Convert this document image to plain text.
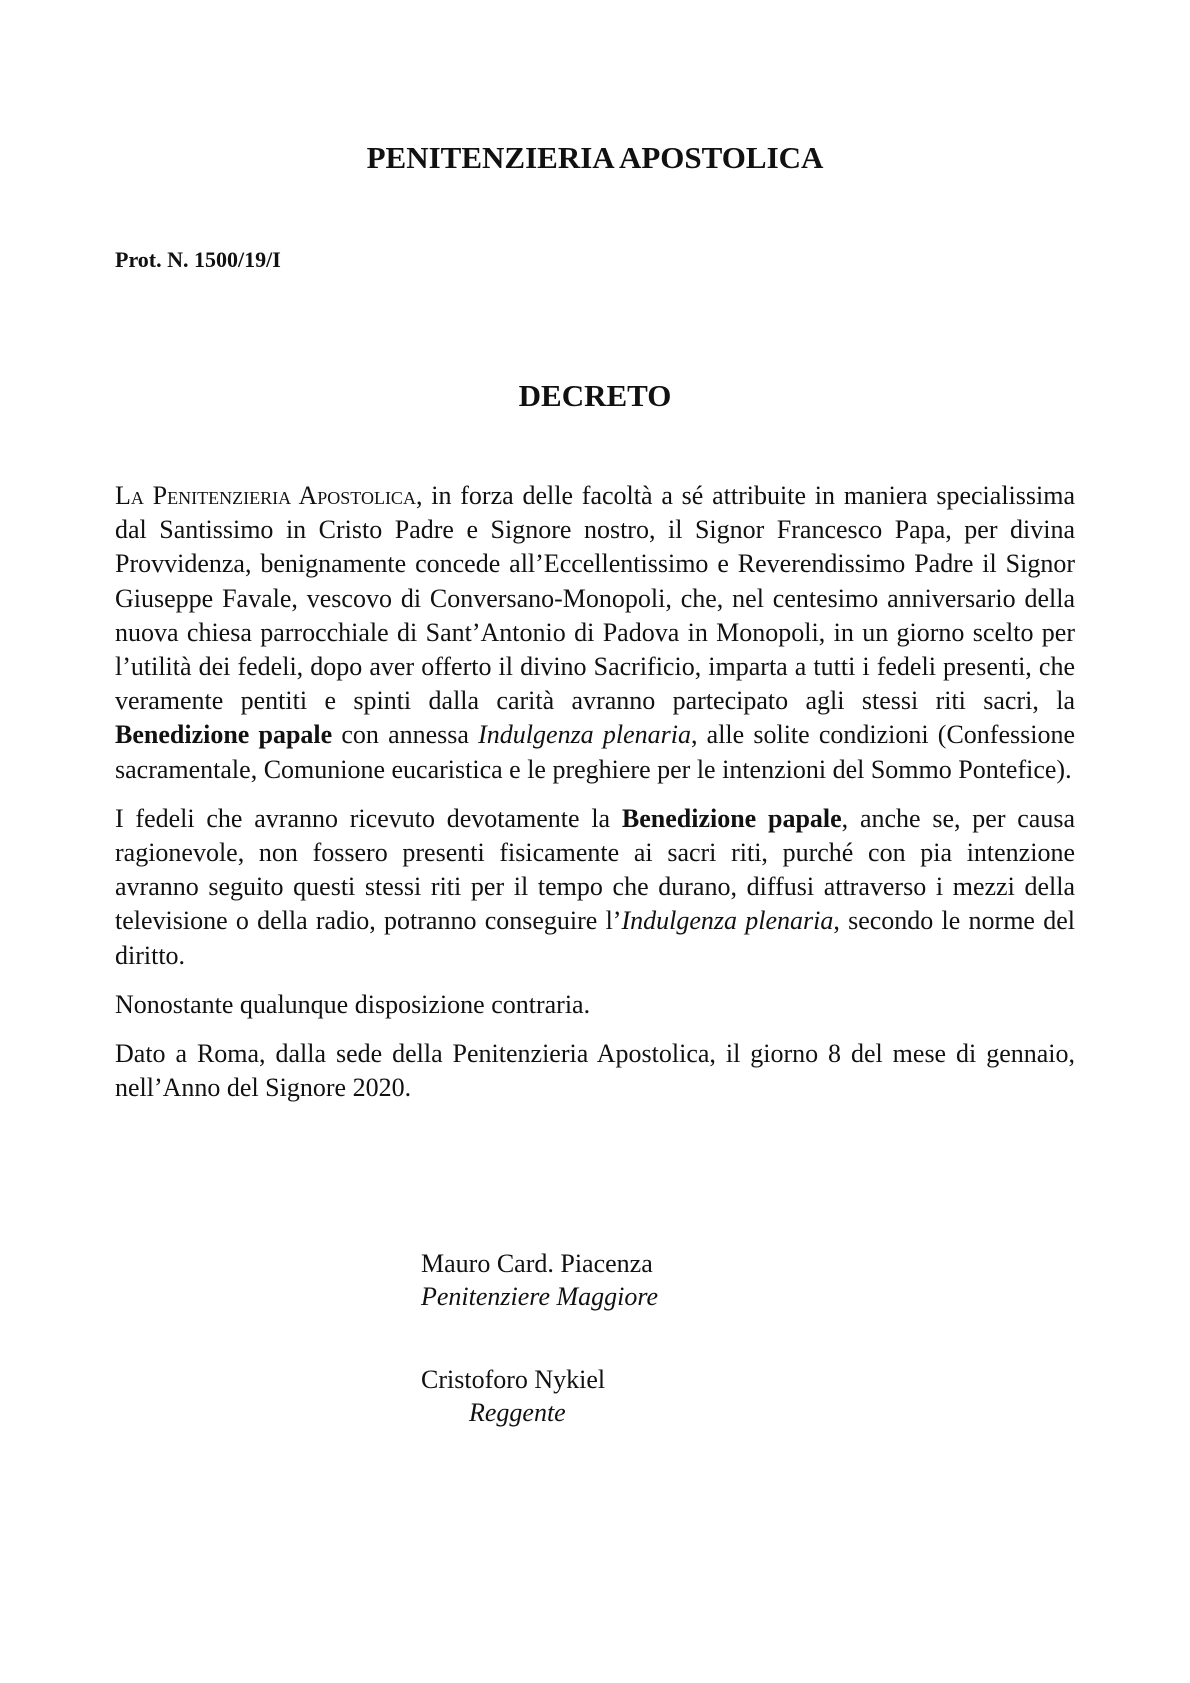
PENITENZIERIA APOSTOLICA

Prot. N. 1500/19/I

DECRETO

La Penitenzieria Apostolica, in forza delle facoltà a sé attribuite in maniera specialissima dal Santissimo in Cristo Padre e Signore nostro, il Signor Francesco Papa, per divina Provvidenza, benignamente concede all’Eccellentissimo e Reverendissimo Padre il Signor Giuseppe Favale, vescovo di Conversano-Monopoli, che, nel centesimo anniversario della nuova chiesa parrocchiale di Sant’Antonio di Padova in Monopoli, in un giorno scelto per l’utilità dei fedeli, dopo aver offerto il divino Sacrificio, imparta a tutti i fedeli presenti, che veramente pentiti e spinti dalla carità avranno partecipato agli stessi riti sacri, la Benedizione papale con annessa Indulgenza plenaria, alle solite condizioni (Confessione sacramentale, Comunione eucaristica e le preghiere per le intenzioni del Sommo Pontefice).

I fedeli che avranno ricevuto devotamente la Benedizione papale, anche se, per causa ragionevole, non fossero presenti fisicamente ai sacri riti, purché con pia intenzione avranno seguito questi stessi riti per il tempo che durano, diffusi attraverso i mezzi della televisione o della radio, potranno conseguire l’Indulgenza plenaria, secondo le norme del diritto.

Nonostante qualunque disposizione contraria.

Dato a Roma, dalla sede della Penitenzieria Apostolica, il giorno 8 del mese di gennaio, nell’Anno del Signore 2020.

Mauro Card. Piacenza
Penitenziere Maggiore
Cristoforo Nykiel
Reggente
